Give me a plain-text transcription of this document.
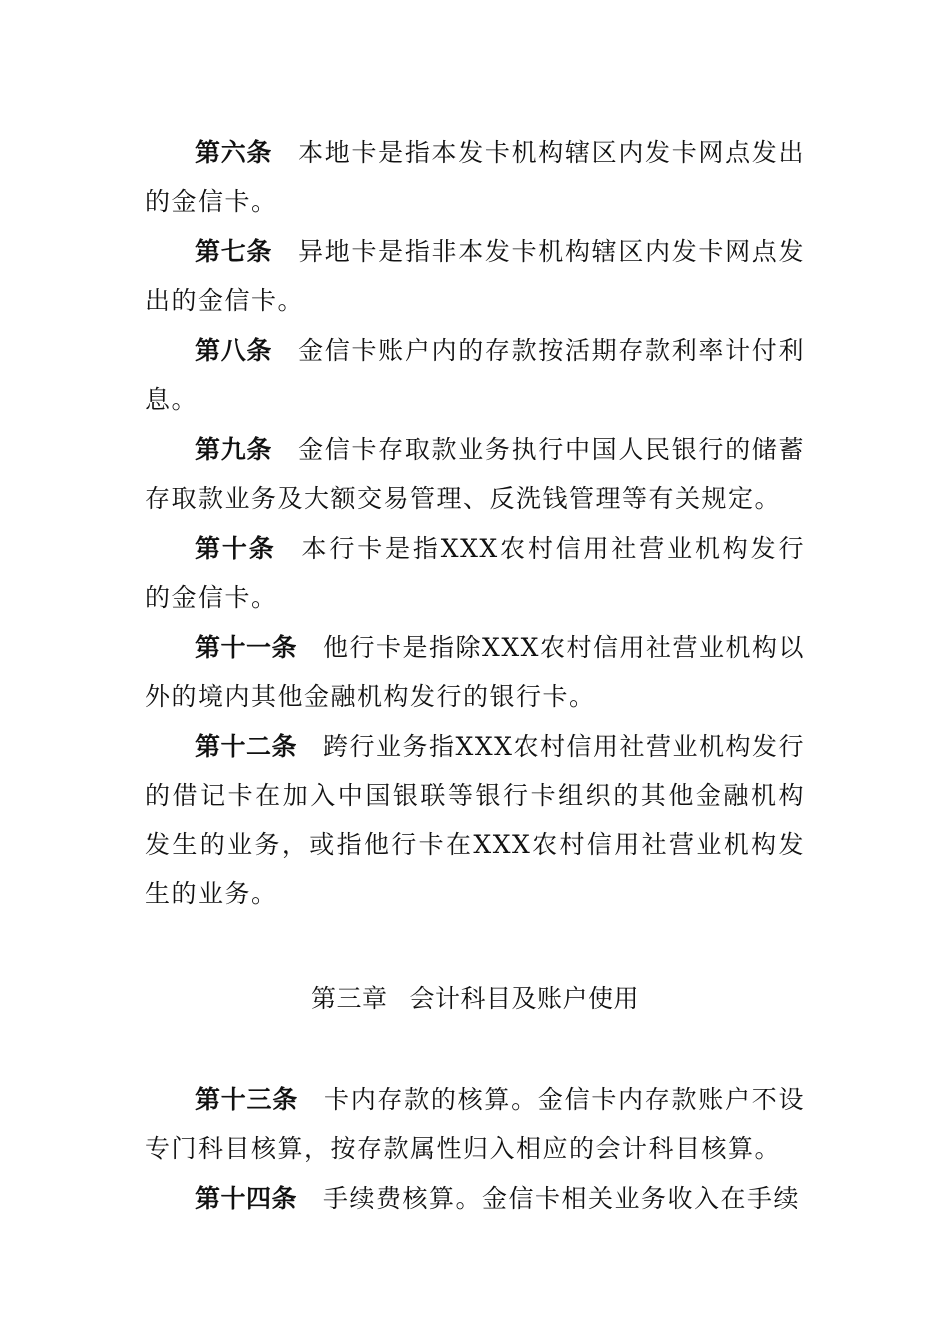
第六条 本地卡是指本发卡机构辖区内发卡网点发出的金信卡。

第七条 异地卡是指非本发卡机构辖区内发卡网点发出的金信卡。

第八条 金信卡账户内的存款按活期存款利率计付利息。

第九条 金信卡存取款业务执行中国人民银行的储蓄存取款业务及大额交易管理、反洗钱管理等有关规定。

第十条 本行卡是指XXX农村信用社营业机构发行的金信卡。

第十一条 他行卡是指除XXX农村信用社营业机构以外的境内其他金融机构发行的银行卡。

第十二条 跨行业务指XXX农村信用社营业机构发行的借记卡在加入中国银联等银行卡组织的其他金融机构发生的业务，或指他行卡在XXX农村信用社营业机构发生的业务。

第三章 会计科目及账户使用

第十三条 卡内存款的核算。金信卡内存款账户不设专门科目核算，按存款属性归入相应的会计科目核算。

第十四条 手续费核算。金信卡相关业务收入在手续
